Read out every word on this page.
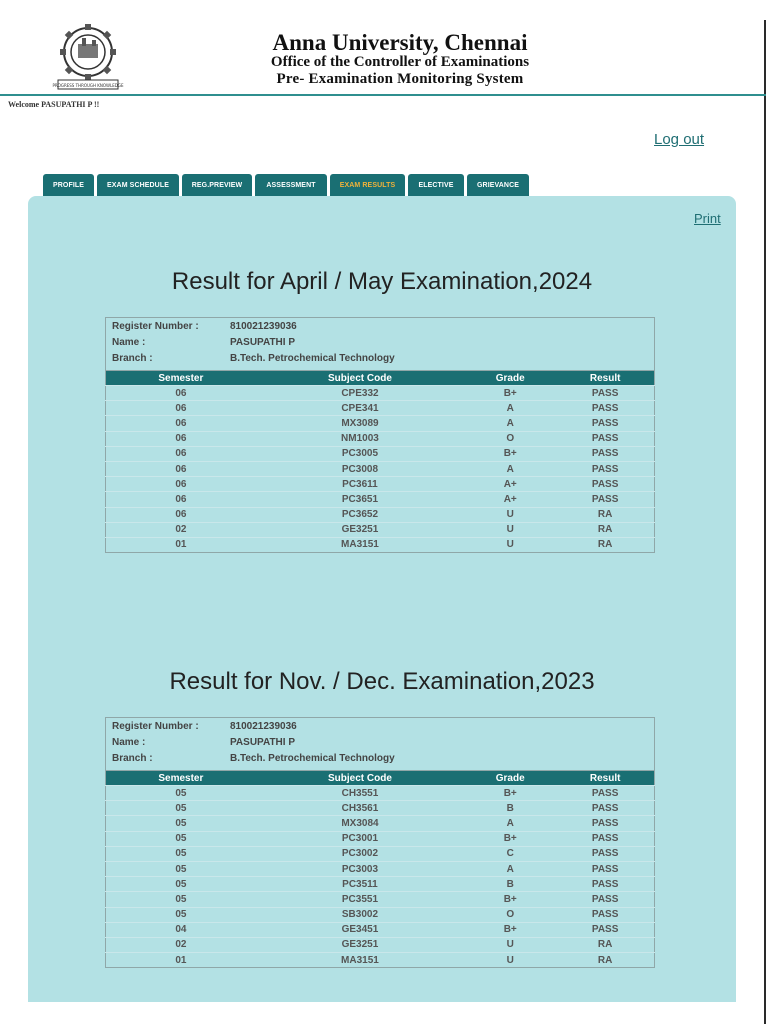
PROGRESS THROUGH KNOWLEDGE
Anna University, Chennai
Office of the Controller of Examinations
Pre- Examination Monitoring System
Welcome PASUPATHI P !!
Log out
PROFILE	EXAM SCHEDULE	REG.PREVIEW	ASSESSMENT	EXAM RESULTS	ELECTIVE	GRIEVANCE
Print
Result for April / May Examination,2024
Register Number :	810021239036
Name :	PASUPATHI P
Branch :	B.Tech. Petrochemical Technology
Semester	Subject Code	Grade	Result
06	CPE332	B+	PASS
06	CPE341	A	PASS
06	MX3089	A	PASS
06	NM1003	O	PASS
06	PC3005	B+	PASS
06	PC3008	A	PASS
06	PC3611	A+	PASS
06	PC3651	A+	PASS
06	PC3652	U	RA
02	GE3251	U	RA
01	MA3151	U	RA
Result for Nov. / Dec. Examination,2023
Register Number :	810021239036
Name :	PASUPATHI P
Branch :	B.Tech. Petrochemical Technology
Semester	Subject Code	Grade	Result
05	CH3551	B+	PASS
05	CH3561	B	PASS
05	MX3084	A	PASS
05	PC3001	B+	PASS
05	PC3002	C	PASS
05	PC3003	A	PASS
05	PC3511	B	PASS
05	PC3551	B+	PASS
05	SB3002	O	PASS
04	GE3451	B+	PASS
02	GE3251	U	RA
01	MA3151	U	RA
